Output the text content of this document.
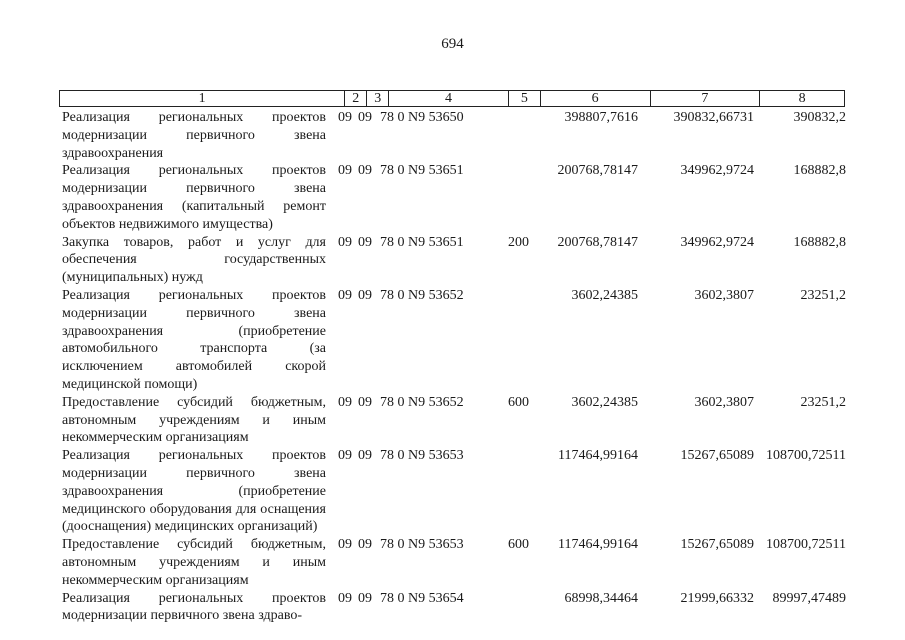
694
1	2	3	4	5	6	7	8
Реализация региональных проектов модернизации первичного звена здравоохранения
09 09 78 0 N9 53650	398807,7616	390832,66731	390832,2
Реализация региональных проектов модернизации первичного звена здравоохранения (капитальный ремонт объектов недвижимого имущества)
09 09 78 0 N9 53651	200768,78147	349962,9724	168882,8
Закупка товаров, работ и услуг для обеспечения государственных (муниципальных) нужд
09 09 78 0 N9 53651	200	200768,78147	349962,9724	168882,8
Реализация региональных проектов модернизации первичного звена здравоохранения (приобретение автомобильного транспорта (за исключением автомобилей скорой медицинской помощи)
09 09 78 0 N9 53652	3602,24385	3602,3807	23251,2
Предоставление субсидий бюджетным, автономным учреждениям и иным некоммерческим организациям
09 09 78 0 N9 53652	600	3602,24385	3602,3807	23251,2
Реализация региональных проектов модернизации первичного звена здравоохранения (приобретение медицинского оборудования для оснащения (дооснащения) медицинских организаций)
09 09 78 0 N9 53653	117464,99164	15267,65089 108700,72511
Предоставление субсидий бюджетным, автономным учреждениям и иным некоммерческим организациям
09 09 78 0 N9 53653	600	117464,99164	15267,65089 108700,72511
Реализация региональных проектов модернизации первичного звена здраво-
09 09 78 0 N9 53654	68998,34464	21999,66332	89997,47489
